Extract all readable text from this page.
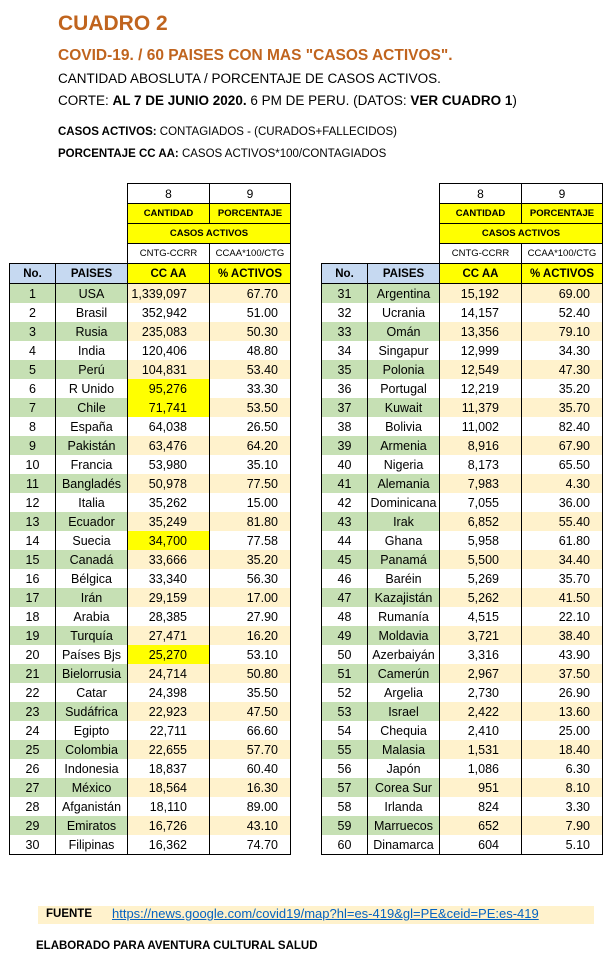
CUADRO 2
COVID-19. / 60 PAISES CON MAS "CASOS ACTIVOS".
CANTIDAD ABOSLUTA / PORCENTAJE DE CASOS ACTIVOS.
CORTE: AL 7 DE JUNIO 2020. 6 PM DE PERU. (DATOS: VER CUADRO 1)
CASOS ACTIVOS: CONTAGIADOS - (CURADOS+FALLECIDOS)
PORCENTAJE CC AA: CASOS ACTIVOS*100/CONTAGIADOS
		8	9
		CANTIDAD	PORCENTAJE
		CASOS ACTIVOS	
		CNTG-CCRR	CCAA*100/CTG
No.	PAISES	CC AA	% ACTIVOS
1	USA	1,339,097	67.70
2	Brasil	352,942	51.00
3	Rusia	235,083	50.30
4	India	120,406	48.80
5	Perú	104,831	53.40
6	R Unido	95,276	33.30
7	Chile	71,741	53.50
8	España	64,038	26.50
9	Pakistán	63,476	64.20
10	Francia	53,980	35.10
11	Bangladés	50,978	77.50
12	Italia	35,262	15.00
13	Ecuador	35,249	81.80
14	Suecia	34,700	77.58
15	Canadá	33,666	35.20
16	Bélgica	33,340	56.30
17	Irán	29,159	17.00
18	Arabia	28,385	27.90
19	Turquía	27,471	16.20
20	Países Bjs	25,270	53.10
21	Bielorrusia	24,714	50.80
22	Catar	24,398	35.50
23	Sudáfrica	22,923	47.50
24	Egipto	22,711	66.60
25	Colombia	22,655	57.70
26	Indonesia	18,837	60.40
27	México	18,564	16.30
28	Afganistán	18,110	89.00
29	Emiratos	16,726	43.10
30	Filipinas	16,362	74.70
		8	9
		CANTIDAD	PORCENTAJE
		CASOS ACTIVOS	
		CNTG-CCRR	CCAA*100/CTG
No.	PAISES	CC AA	% ACTIVOS
31	Argentina	15,192	69.00
32	Ucrania	14,157	52.40
33	Omán	13,356	79.10
34	Singapur	12,999	34.30
35	Polonia	12,549	47.30
36	Portugal	12,219	35.20
37	Kuwait	11,379	35.70
38	Bolivia	11,002	82.40
39	Armenia	8,916	67.90
40	Nigeria	8,173	65.50
41	Alemania	7,983	4.30
42	Dominicana	7,055	36.00
43	Irak	6,852	55.40
44	Ghana	5,958	61.80
45	Panamá	5,500	34.40
46	Baréin	5,269	35.70
47	Kazajistán	5,262	41.50
48	Rumanía	4,515	22.10
49	Moldavia	3,721	38.40
50	Azerbaiyán	3,316	43.90
51	Camerún	2,967	37.50
52	Argelia	2,730	26.90
53	Israel	2,422	13.60
54	Chequia	2,410	25.00
55	Malasia	1,531	18.40
56	Japón	1,086	6.30
57	Corea Sur	951	8.10
58	Irlanda	824	3.30
59	Marruecos	652	7.90
60	Dinamarca	604	5.10
FUENTE https://news.google.com/covid19/map?hl=es-419&gl=PE&ceid=PE:es-419
ELABORADO PARA AVENTURA CULTURAL SALUD
